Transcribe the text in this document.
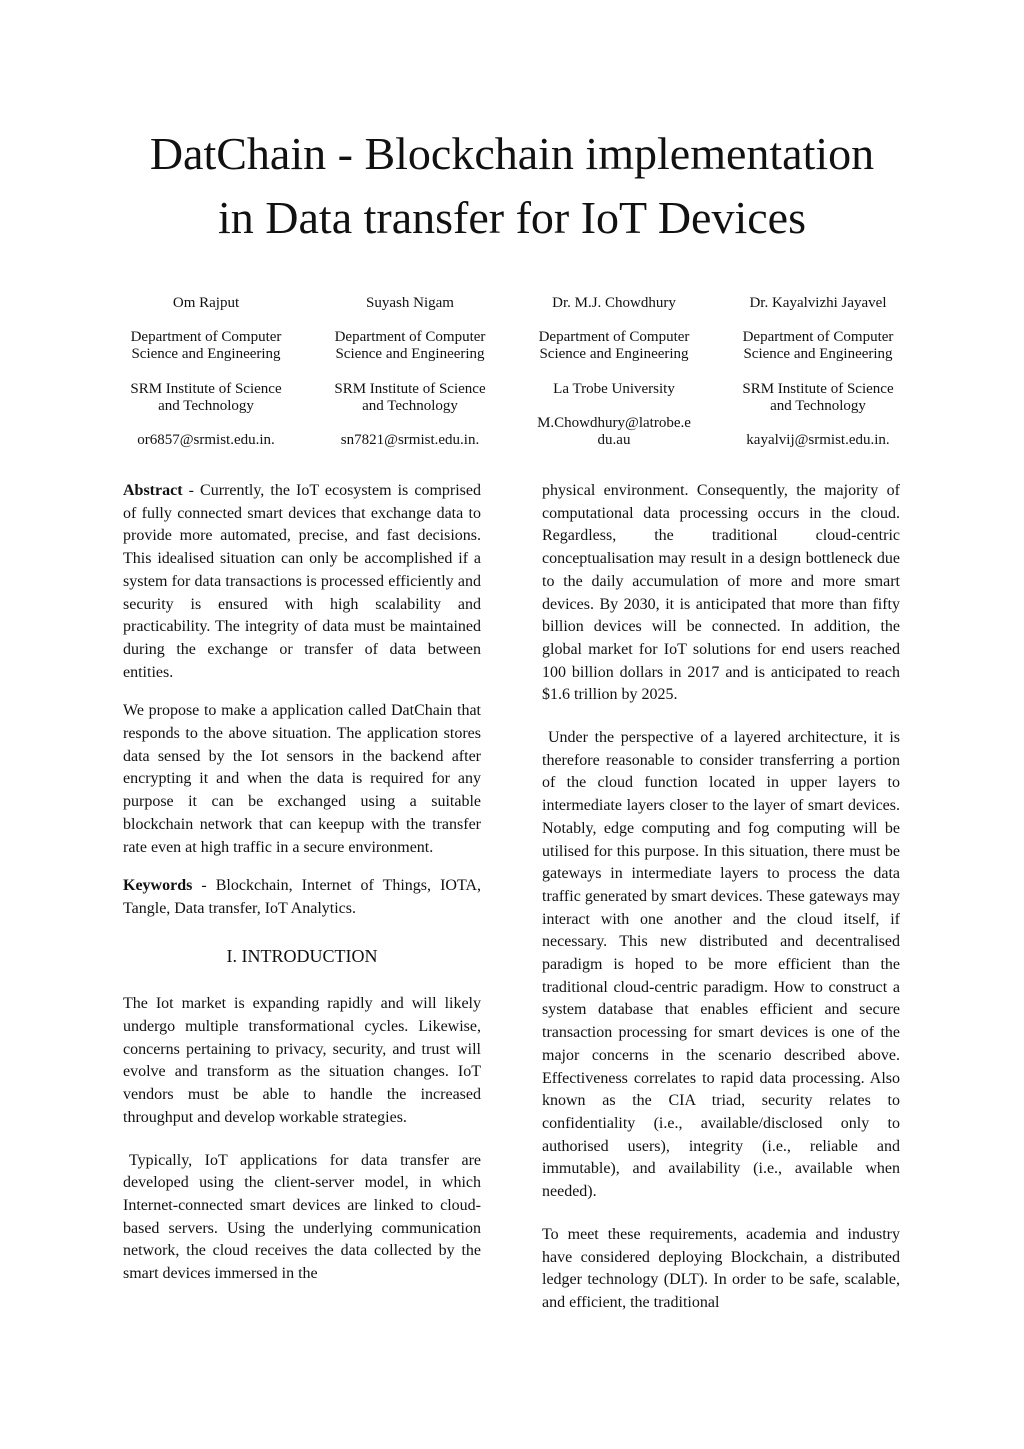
DatChain - Blockchain implementation
in Data transfer for IoT Devices
Om Rajput
Department of Computer
Science and Engineering
SRM Institute of Science
and Technology

or6857@srmist.edu.in.
Suyash Nigam
Department of Computer
Science and Engineering
SRM Institute of Science
and Technology

sn7821@srmist.edu.in.
Dr. M.J. Chowdhury
Department of Computer
Science and Engineering
La Trobe University

M.Chowdhury@latrobe.e
du.au
Dr. Kayalvizhi Jayavel
Department of Computer
Science and Engineering
SRM Institute of Science
and Technology

kayalvij@srmist.edu.in.

Abstract - Currently, the IoT ecosystem is comprised of fully connected smart devices that exchange data to provide more automated, precise, and fast decisions. This idealised situation can only be accomplished if a system for data transactions is processed efficiently and security is ensured with high scalability and practicability. The integrity of data must be maintained during the exchange or transfer of data between entities.

We propose to make a application called DatChain that responds to the above situation. The application stores data sensed by the Iot sensors in the backend after encrypting it and when the data is required for any purpose it can be exchanged using a suitable blockchain network that can keepup with the transfer rate even at high traffic in a secure environment.

Keywords - Blockchain, Internet of Things, IOTA, Tangle, Data transfer, IoT Analytics.

I. INTRODUCTION

The Iot market is expanding rapidly and will likely undergo multiple transformational cycles. Likewise, concerns pertaining to privacy, security, and trust will evolve and transform as the situation changes. IoT vendors must be able to handle the increased throughput and develop workable strategies.

Typically, IoT applications for data transfer are developed using the client-server model, in which Internet-connected smart devices are linked to cloud-based servers. Using the underlying communication network, the cloud receives the data collected by the smart devices immersed in the

physical environment. Consequently, the majority of computational data processing occurs in the cloud. Regardless, the traditional cloud-centric conceptualisation may result in a design bottleneck due to the daily accumulation of more and more smart devices. By 2030, it is anticipated that more than fifty billion devices will be connected. In addition, the global market for IoT solutions for end users reached 100 billion dollars in 2017 and is anticipated to reach $1.6 trillion by 2025.

Under the perspective of a layered architecture, it is therefore reasonable to consider transferring a portion of the cloud function located in upper layers to intermediate layers closer to the layer of smart devices. Notably, edge computing and fog computing will be utilised for this purpose. In this situation, there must be gateways in intermediate layers to process the data traffic generated by smart devices. These gateways may interact with one another and the cloud itself, if necessary. This new distributed and decentralised paradigm is hoped to be more efficient than the traditional cloud-centric paradigm. How to construct a system database that enables efficient and secure transaction processing for smart devices is one of the major concerns in the scenario described above. Effectiveness correlates to rapid data processing. Also known as the CIA triad, security relates to confidentiality (i.e., available/disclosed only to authorised users), integrity (i.e., reliable and immutable), and availability (i.e., available when needed).

To meet these requirements, academia and industry have considered deploying Blockchain, a distributed ledger technology (DLT). In order to be safe, scalable, and efficient, the traditional
